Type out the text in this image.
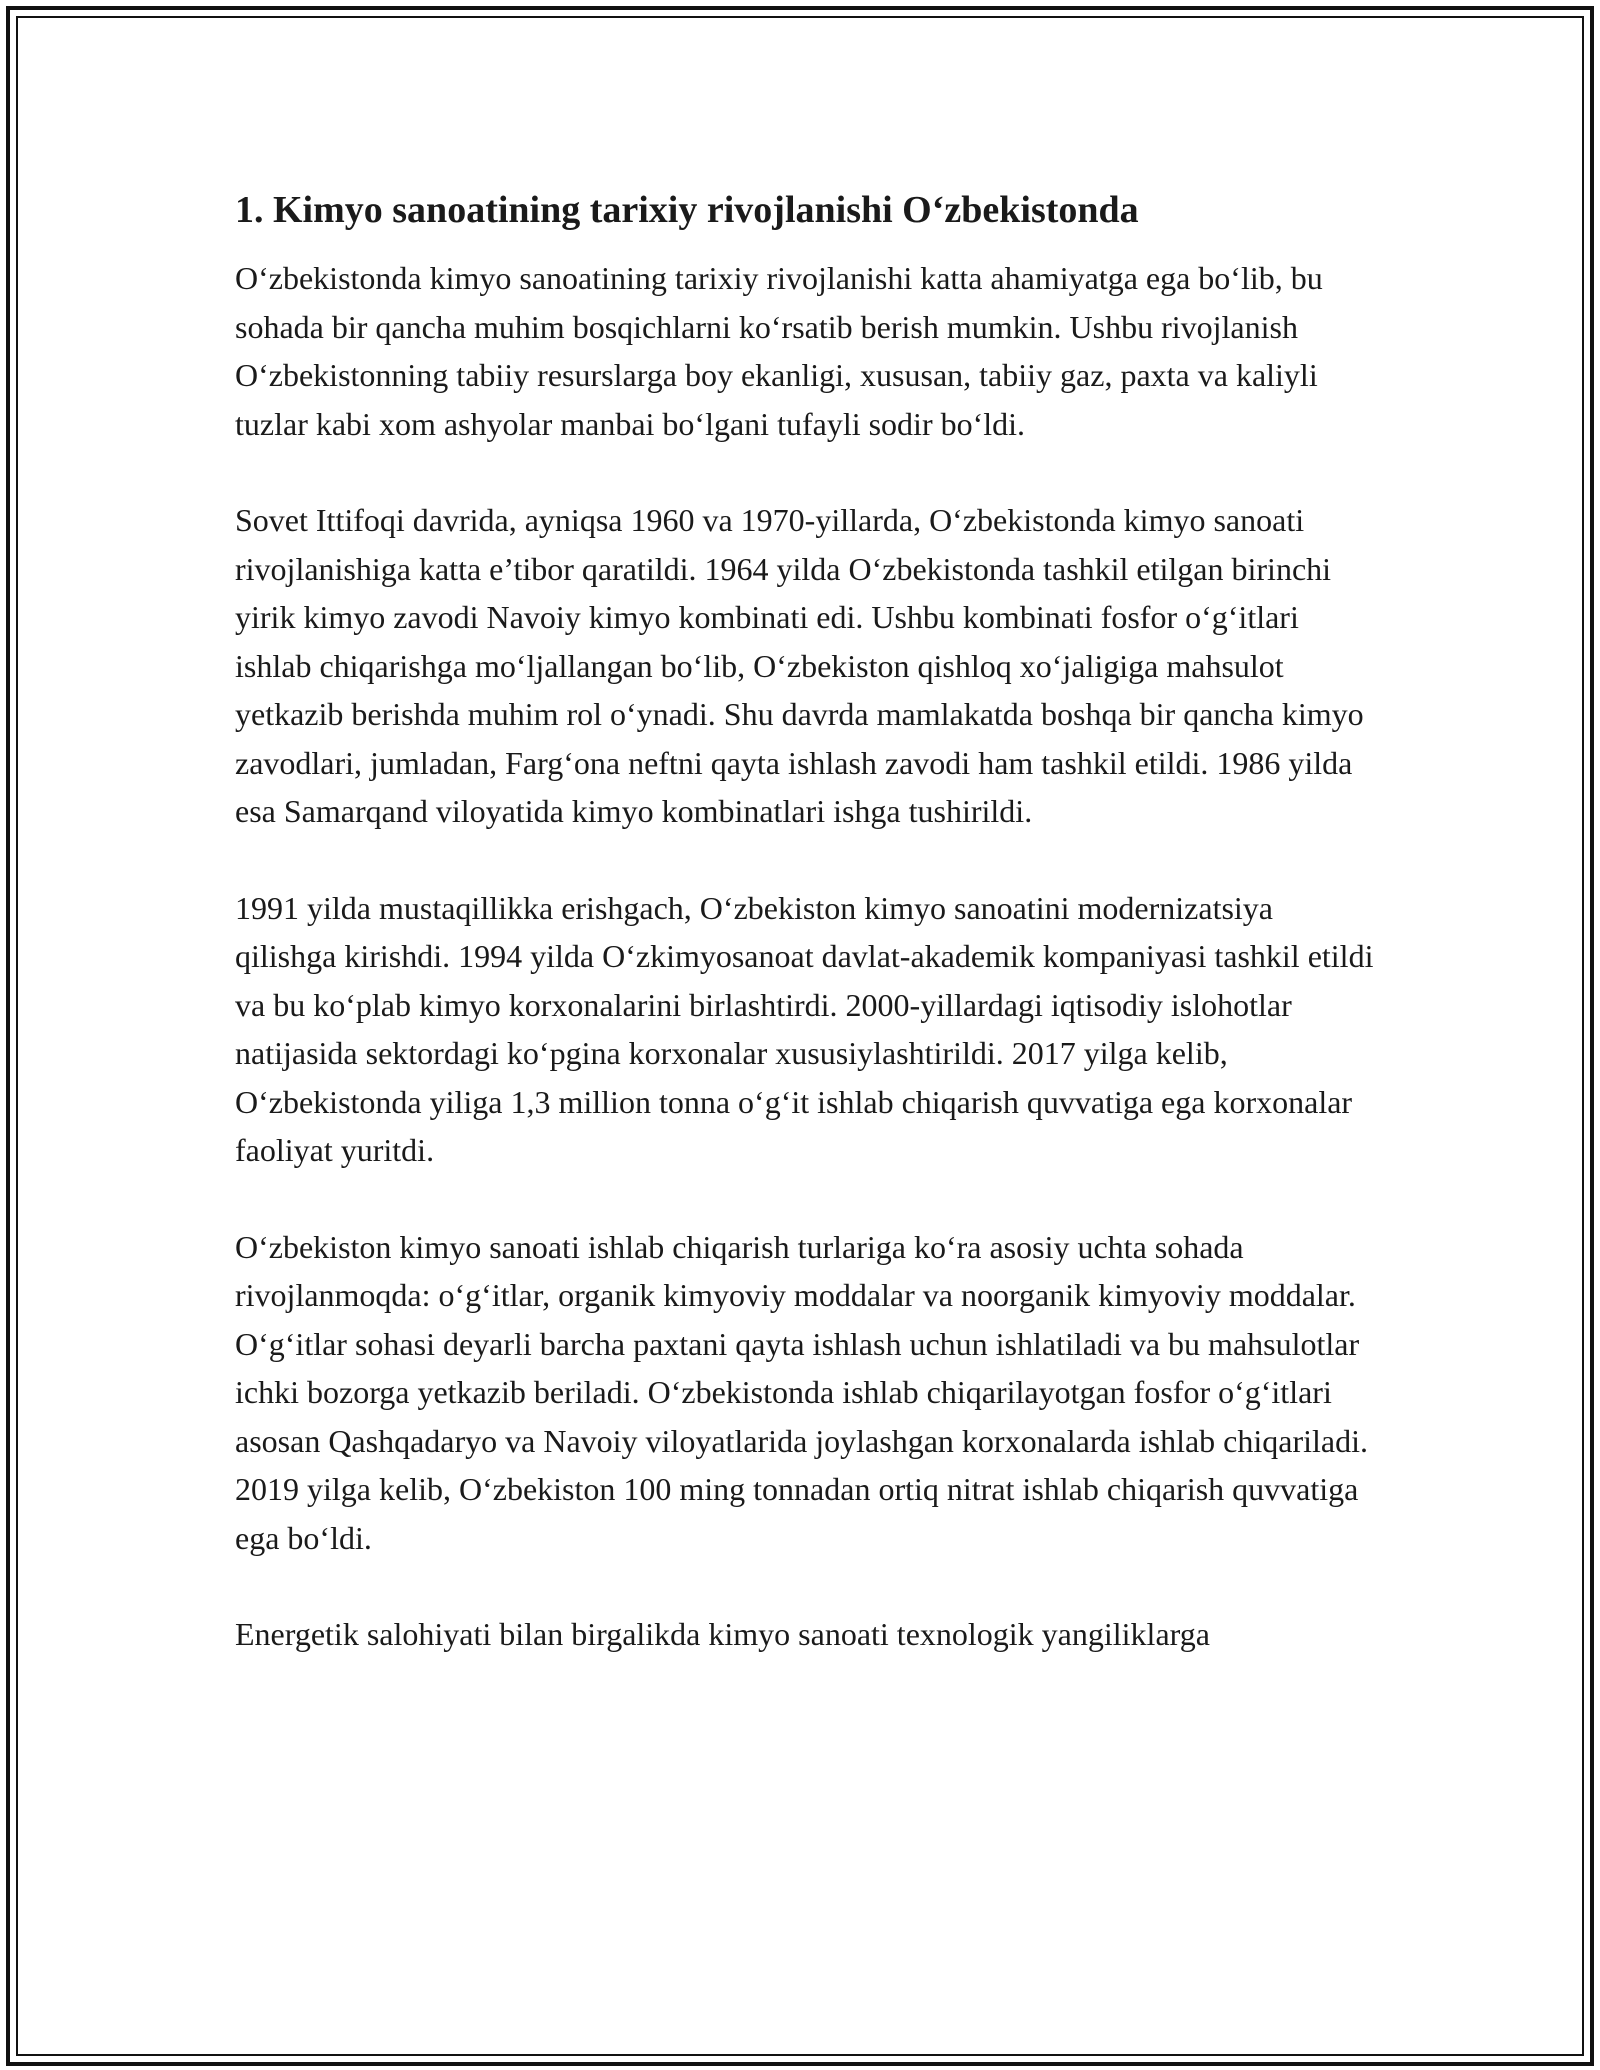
1. Kimyo sanoatining tarixiy rivojlanishi O‘zbekistonda

O‘zbekistonda kimyo sanoatining tarixiy rivojlanishi katta ahamiyatga ega bo‘lib, bu sohada bir qancha muhim bosqichlarni ko‘rsatib berish mumkin. Ushbu rivojlanish O‘zbekistonning tabiiy resurslarga boy ekanligi, xususan, tabiiy gaz, paxta va kaliyli tuzlar kabi xom ashyolar manbai bo‘lgani tufayli sodir bo‘ldi.

Sovet Ittifoqi davrida, ayniqsa 1960 va 1970-yillarda, O‘zbekistonda kimyo sanoati rivojlanishiga katta e’tibor qaratildi. 1964 yilda O‘zbekistonda tashkil etilgan birinchi yirik kimyo zavodi Navoiy kimyo kombinati edi. Ushbu kombinati fosfor o‘g‘itlari ishlab chiqarishga mo‘ljallangan bo‘lib, O‘zbekiston qishloq xo‘jaligiga mahsulot yetkazib berishda muhim rol o‘ynadi. Shu davrda mamlakatda boshqa bir qancha kimyo zavodlari, jumladan, Farg‘ona neftni qayta ishlash zavodi ham tashkil etildi. 1986 yilda esa Samarqand viloyatida kimyo kombinatlari ishga tushirildi.

1991 yilda mustaqillikka erishgach, O‘zbekiston kimyo sanoatini modernizatsiya qilishga kirishdi. 1994 yilda O‘zkimyosanoat davlat-akademik kompaniyasi tashkil etildi va bu ko‘plab kimyo korxonalarini birlashtirdi. 2000-yillardagi iqtisodiy islohotlar natijasida sektordagi ko‘pgina korxonalar xususiylashtirildi. 2017 yilga kelib, O‘zbekistonda yiliga 1,3 million tonna o‘g‘it ishlab chiqarish quvvatiga ega korxonalar faoliyat yuritdi.

O‘zbekiston kimyo sanoati ishlab chiqarish turlariga ko‘ra asosiy uchta sohada rivojlanmoqda: o‘g‘itlar, organik kimyoviy moddalar va noorganik kimyoviy moddalar. O‘g‘itlar sohasi deyarli barcha paxtani qayta ishlash uchun ishlatiladi va bu mahsulotlar ichki bozorga yetkazib beriladi. O‘zbekistonda ishlab chiqarilayotgan fosfor o‘g‘itlari asosan Qashqadaryo va Navoiy viloyatlarida joylashgan korxonalarda ishlab chiqariladi. 2019 yilga kelib, O‘zbekiston 100 ming tonnadan ortiq nitrat ishlab chiqarish quvvatiga ega bo‘ldi.

Energetik salohiyati bilan birgalikda kimyo sanoati texnologik yangiliklarga
